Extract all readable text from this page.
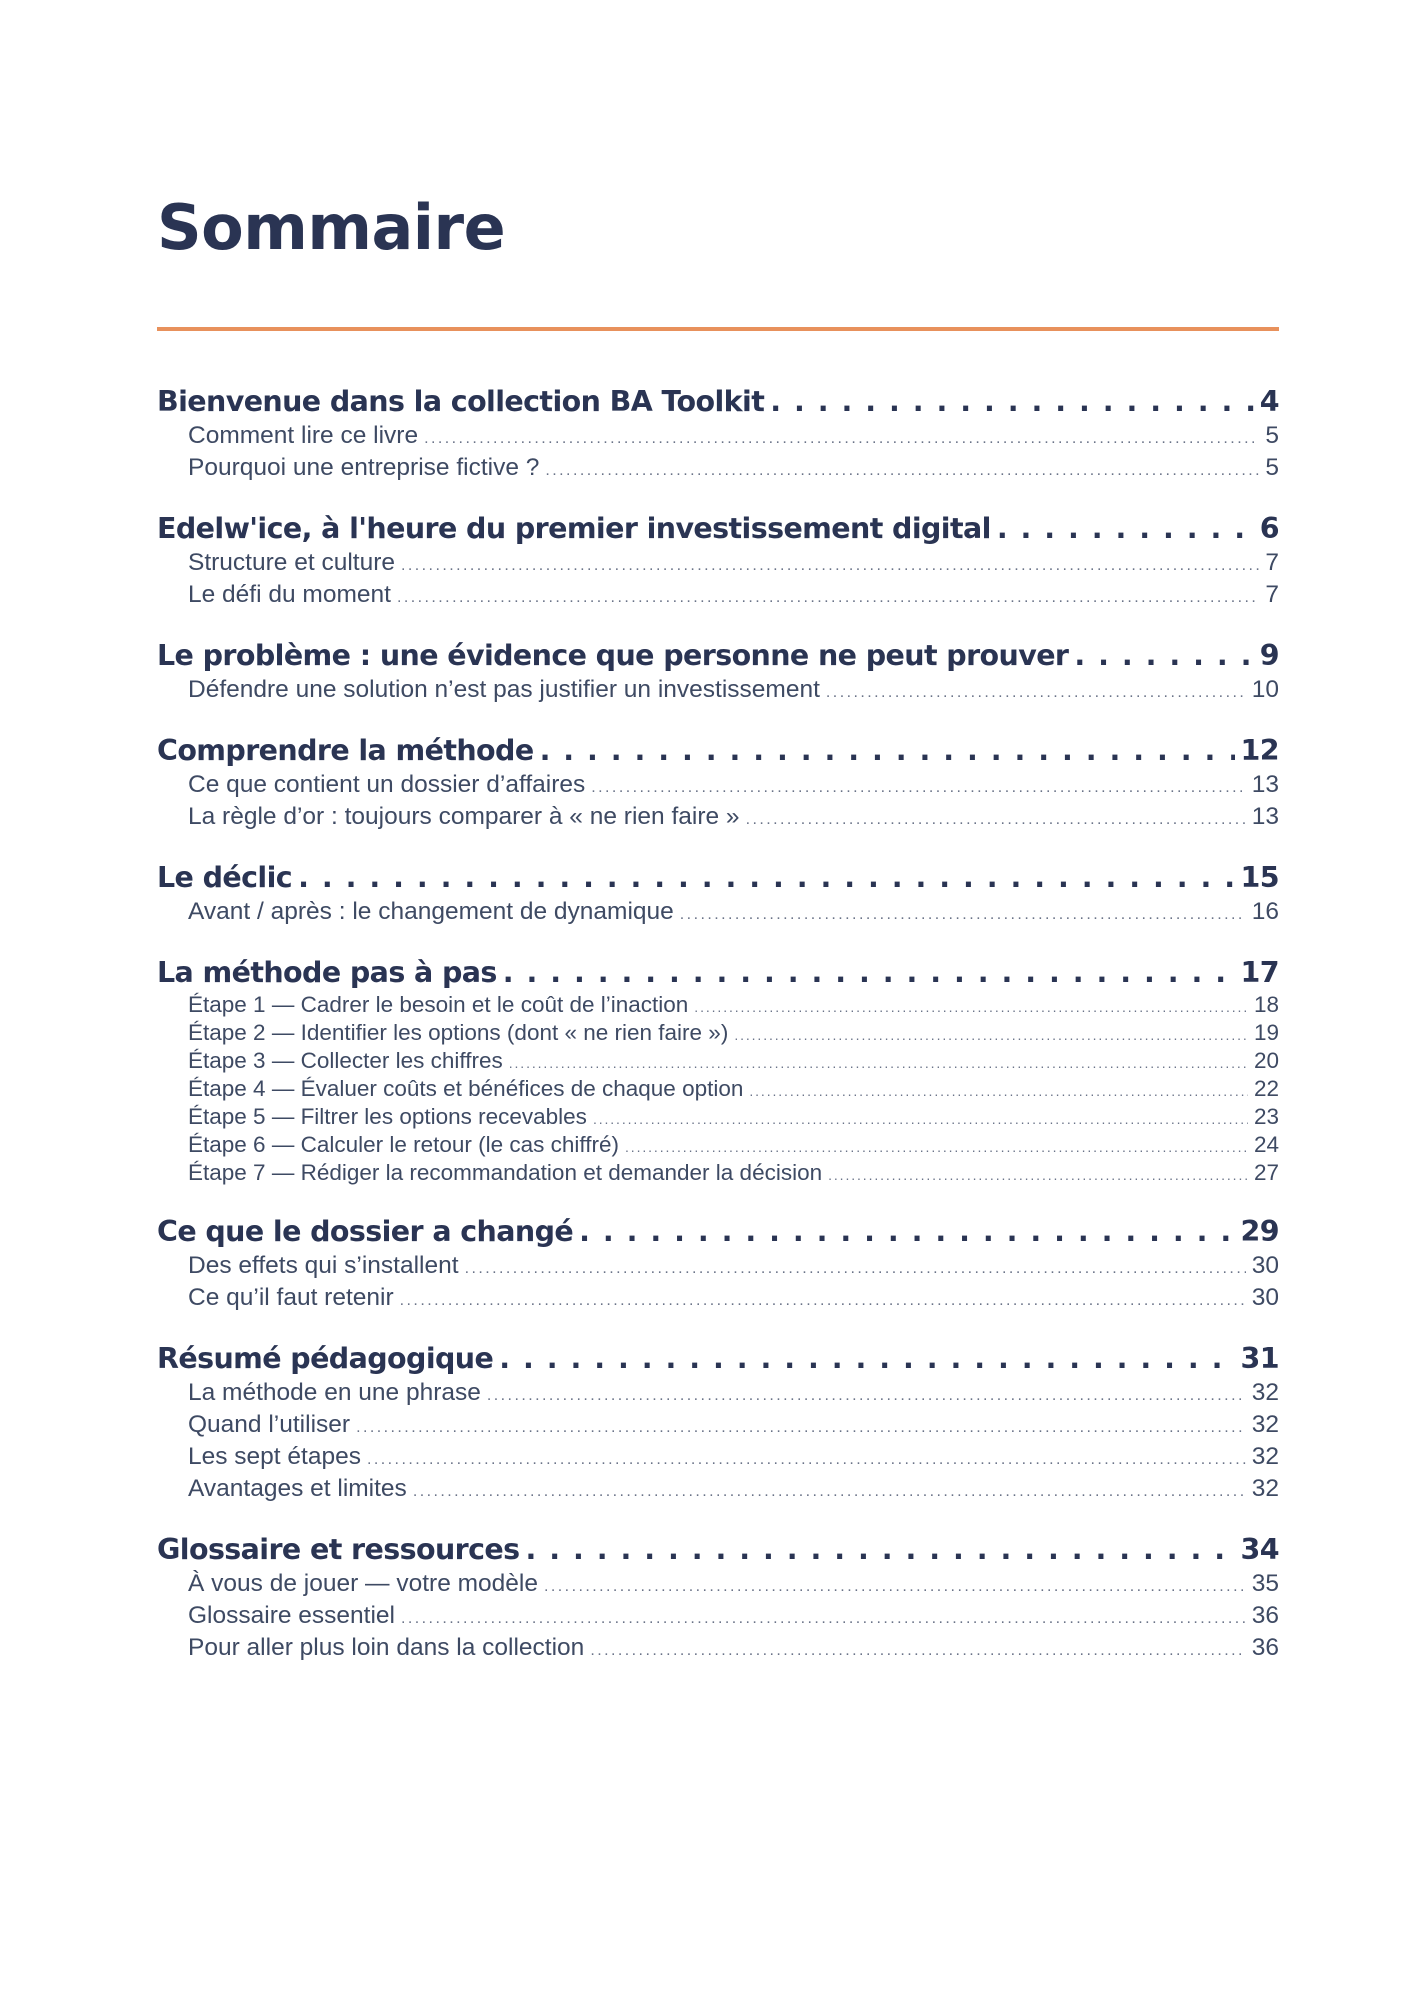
Sommaire
Bienvenue dans la collection BA Toolkit . . .	4
Comment lire ce livre . . .	5
Pourquoi une entreprise fictive ? . . .	5
Edelw'ice, à l'heure du premier investissement digital . . .	6
Structure et culture . . .	7
Le défi du moment . . .	7
Le problème : une évidence que personne ne peut prouver . . .	9
Défendre une solution n’est pas justifier un investissement . . .	10
Comprendre la méthode . . .	12
Ce que contient un dossier d’affaires . . .	13
La règle d’or : toujours comparer à « ne rien faire » . . .	13
Le déclic . . .	15
Avant / après : le changement de dynamique . . .	16
La méthode pas à pas . . .	17
Étape 1 — Cadrer le besoin et le coût de l’inaction . . .	18
Étape 2 — Identifier les options (dont « ne rien faire ») . . .	19
Étape 3 — Collecter les chiffres . . .	20
Étape 4 — Évaluer coûts et bénéfices de chaque option . . .	22
Étape 5 — Filtrer les options recevables . . .	23
Étape 6 — Calculer le retour (le cas chiffré) . . .	24
Étape 7 — Rédiger la recommandation et demander la décision . . .	27
Ce que le dossier a changé . . .	29
Des effets qui s’installent . . .	30
Ce qu’il faut retenir . . .	30
Résumé pédagogique . . .	31
La méthode en une phrase . . .	32
Quand l’utiliser . . .	32
Les sept étapes . . .	32
Avantages et limites . . .	32
Glossaire et ressources . . .	34
À vous de jouer — votre modèle . . .	35
Glossaire essentiel . . .	36
Pour aller plus loin dans la collection . . .	36
